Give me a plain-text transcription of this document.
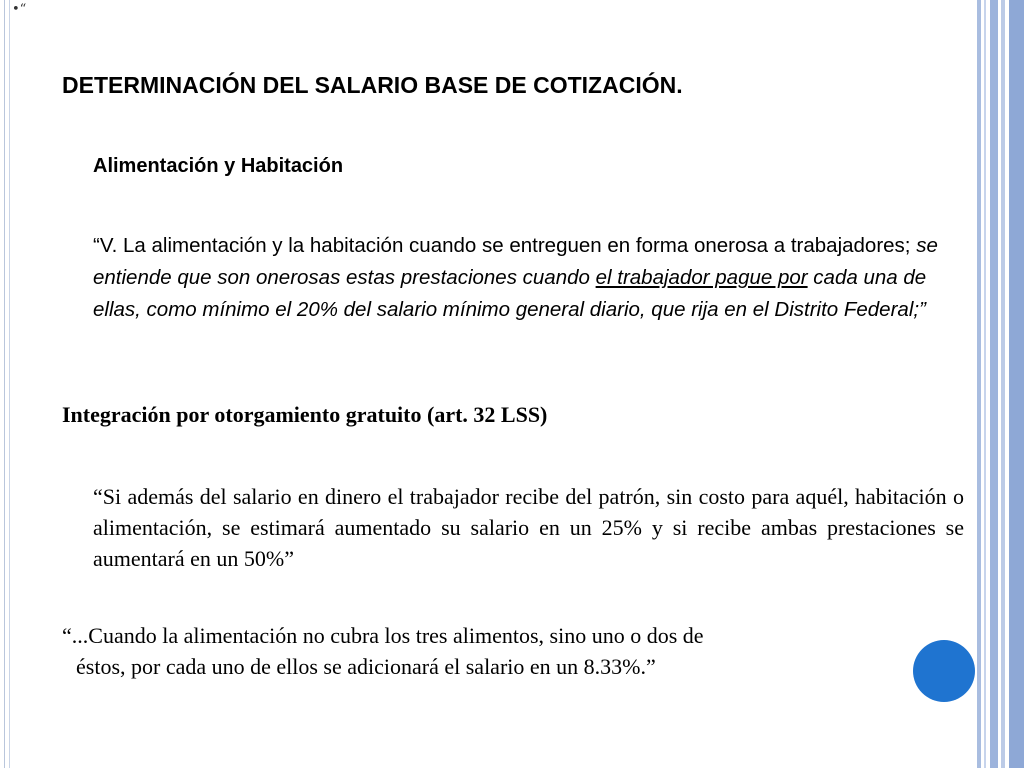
•“
DETERMINACIÓN DEL SALARIO BASE DE COTIZACIÓN.
Alimentación y Habitación

“V. La alimentación y la habitación cuando se entreguen en forma onerosa a trabajadores; se entiende que son onerosas estas prestaciones cuando el trabajador pague por cada una de ellas, como mínimo el 20% del salario mínimo general diario, que rija en el Distrito Federal;”

Integración por otorgamiento gratuito (art. 32 LSS)

“Si además del salario en dinero el trabajador recibe del patrón, sin costo para aquél, habitación o alimentación, se estimará aumentado su salario en un 25% y si recibe ambas prestaciones se aumentará en un 50%”

“...Cuando la alimentación no cubra los tres alimentos, sino uno o dos de
éstos, por cada uno de ellos se adicionará el salario en un 8.33%.”
